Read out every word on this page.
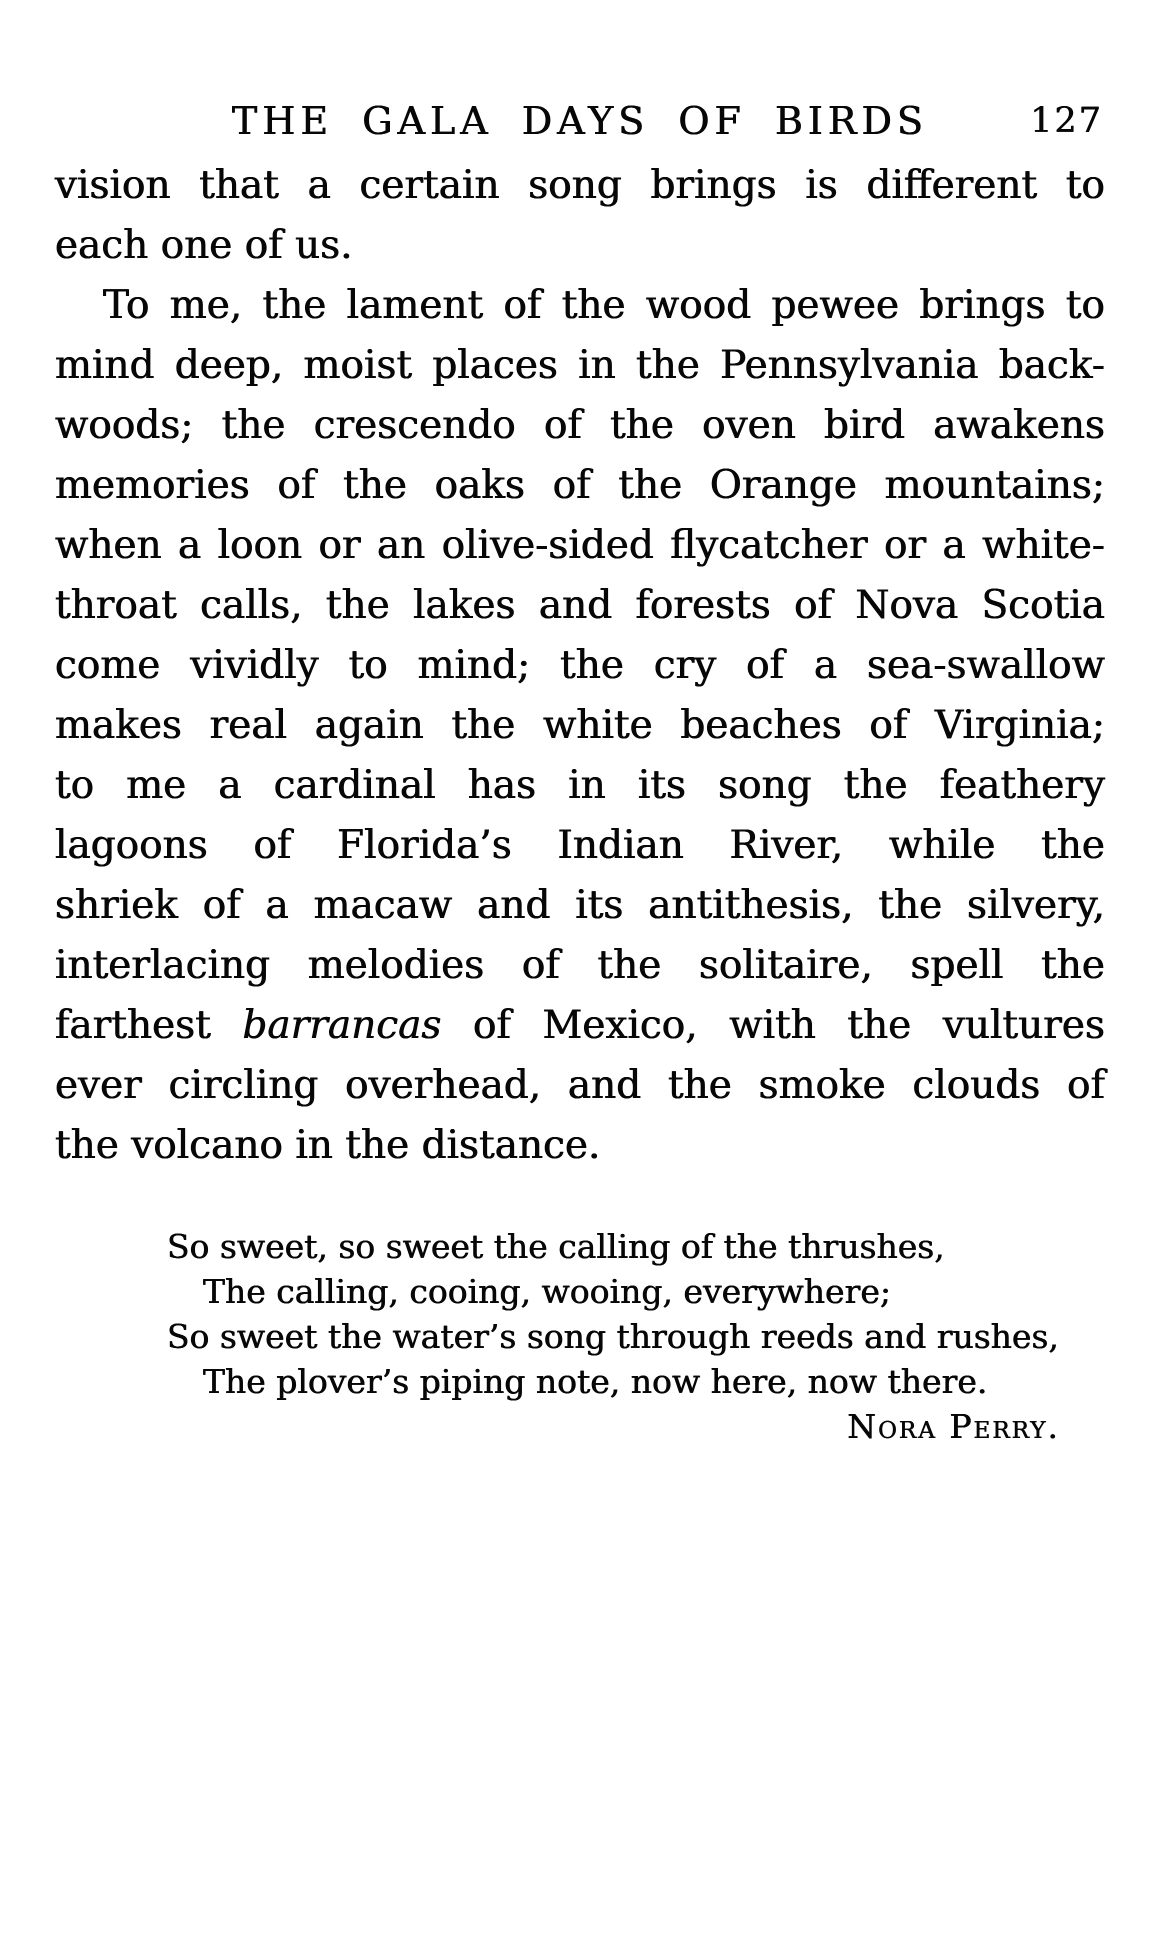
THE GALA DAYS OF BIRDS	127
vision that a certain song brings is different to
each one of us.
To me, the lament of the wood pewee brings to
mind deep, moist places in the Pennsylvania back-
woods; the crescendo of the oven bird awakens
memories of the oaks of the Orange mountains;
when a loon or an olive-sided flycatcher or a white-
throat calls, the lakes and forests of Nova Scotia
come vividly to mind; the cry of a sea-swallow
makes real again the white beaches of Virginia;
to me a cardinal has in its song the feathery
lagoons of Florida’s Indian River, while the
shriek of a macaw and its antithesis, the silvery,
interlacing melodies of the solitaire, spell the
farthest barrancas of Mexico, with the vultures
ever circling overhead, and the smoke clouds of
the volcano in the distance.
So sweet, so sweet the calling of the thrushes,
The calling, cooing, wooing, everywhere;
So sweet the water’s song through reeds and rushes,
The plover’s piping note, now here, now there.
Nora Perry.
